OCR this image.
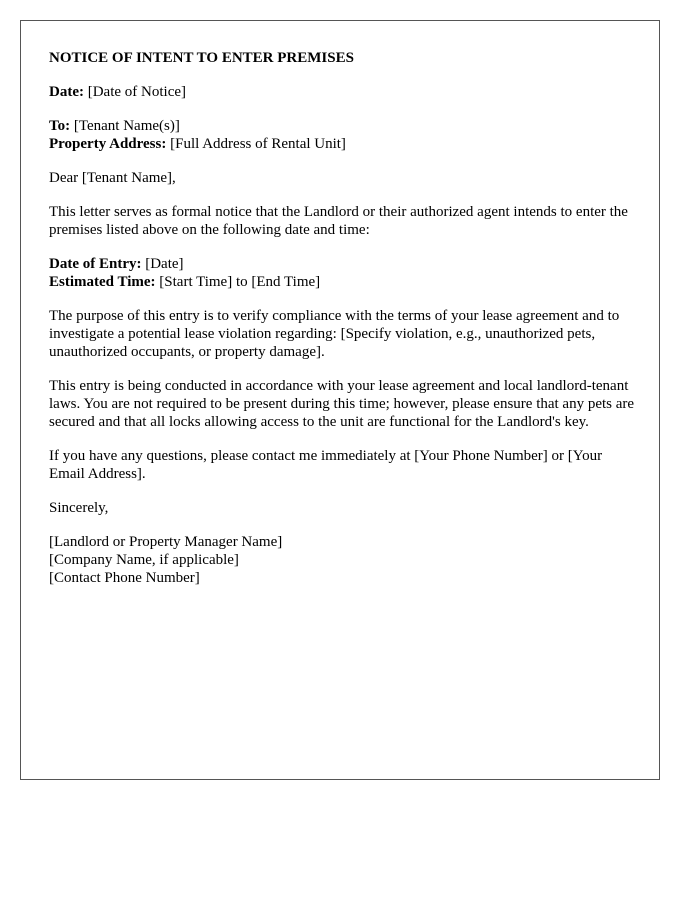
NOTICE OF INTENT TO ENTER PREMISES

Date: [Date of Notice]

To: [Tenant Name(s)]

Property Address: [Full Address of Rental Unit]

Dear [Tenant Name],

This letter serves as formal notice that the Landlord or their authorized agent intends to enter the premises listed above on the following date and time:

Date of Entry: [Date]

Estimated Time: [Start Time] to [End Time]

The purpose of this entry is to verify compliance with the terms of your lease agreement and to investigate a potential lease violation regarding: [Specify violation, e.g., unauthorized pets, unauthorized occupants, or property damage].

This entry is being conducted in accordance with your lease agreement and local landlord-tenant laws. You are not required to be present during this time; however, please ensure that any pets are secured and that all locks allowing access to the unit are functional for the Landlord's key.

If you have any questions, please contact me immediately at [Your Phone Number] or [Your Email Address].

Sincerely,

[Landlord or Property Manager Name]

[Company Name, if applicable]

[Contact Phone Number]
